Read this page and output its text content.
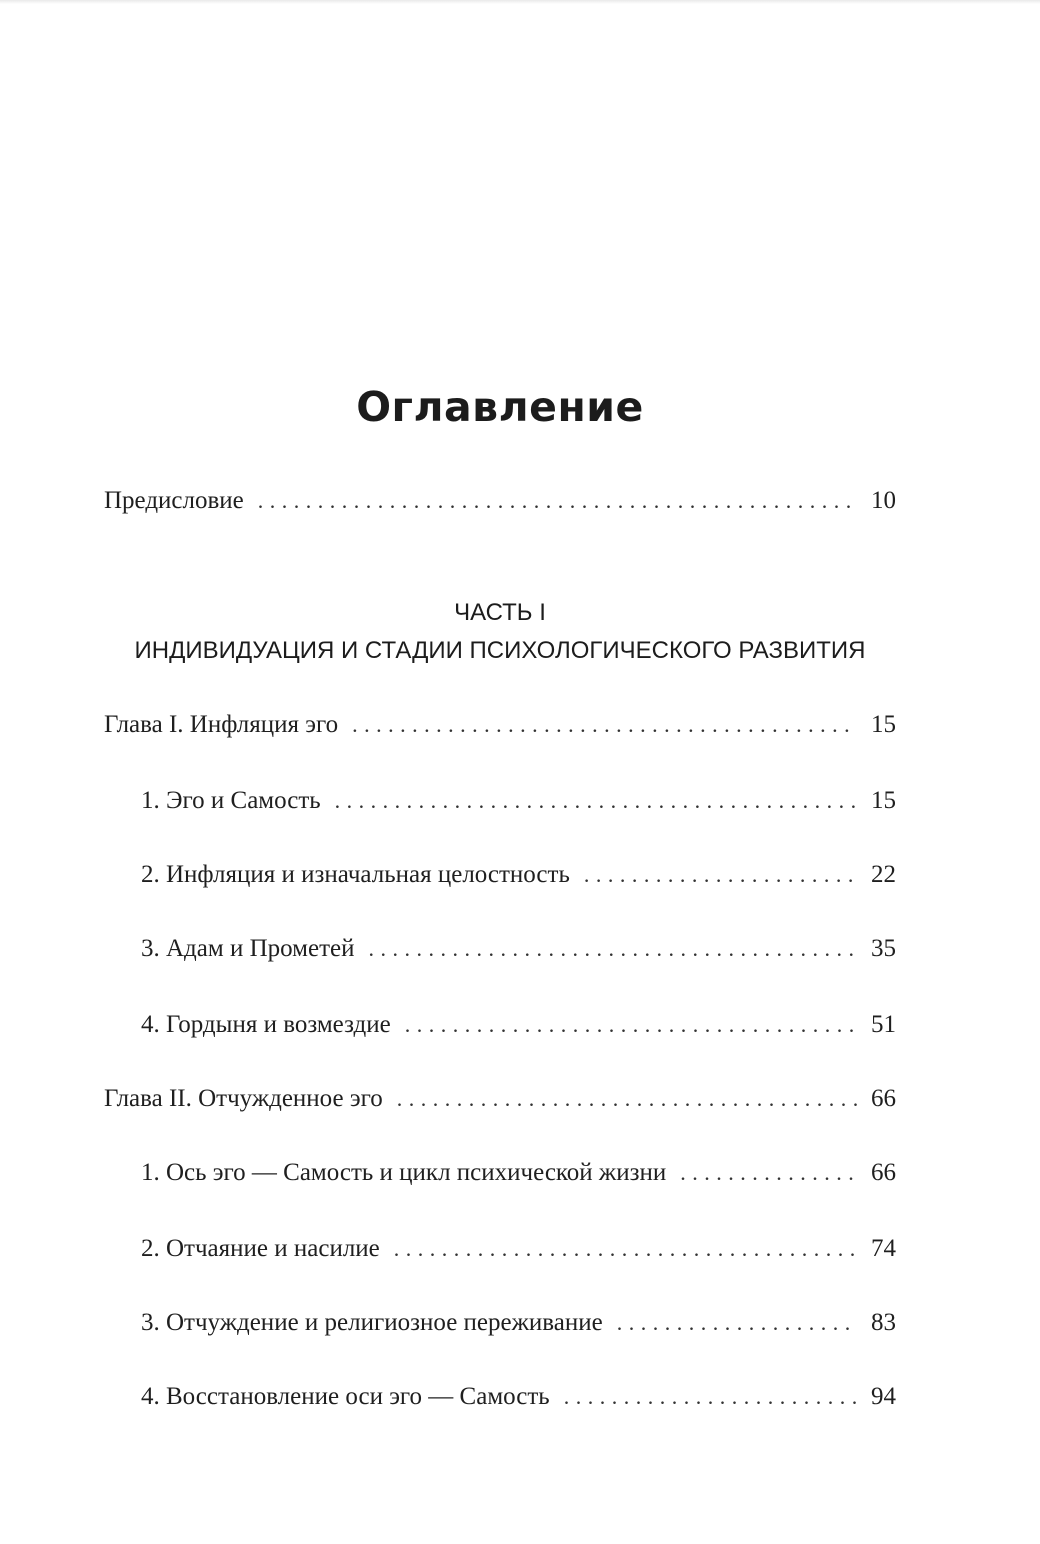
Оглавление
Предисловие . . .	10
ЧАСТЬ I
ИНДИВИДУАЦИЯ И СТАДИИ ПСИХОЛОГИЧЕСКОГО РАЗВИТИЯ
Глава I. Инфляция эго . . .	15
1. Эго и Самость . . .	15
2. Инфляция и изначальная целостность . . .	22
3. Адам и Прометей . . .	35
4. Гордыня и возмездие . . .	51
Глава II. Отчужденное эго . . .	66
1. Ось эго — Самость и цикл психической жизни . . .	66
2. Отчаяние и насилие . . .	74
3. Отчуждение и религиозное переживание . . .	83
4. Восстановление оси эго — Самость . . .	94
